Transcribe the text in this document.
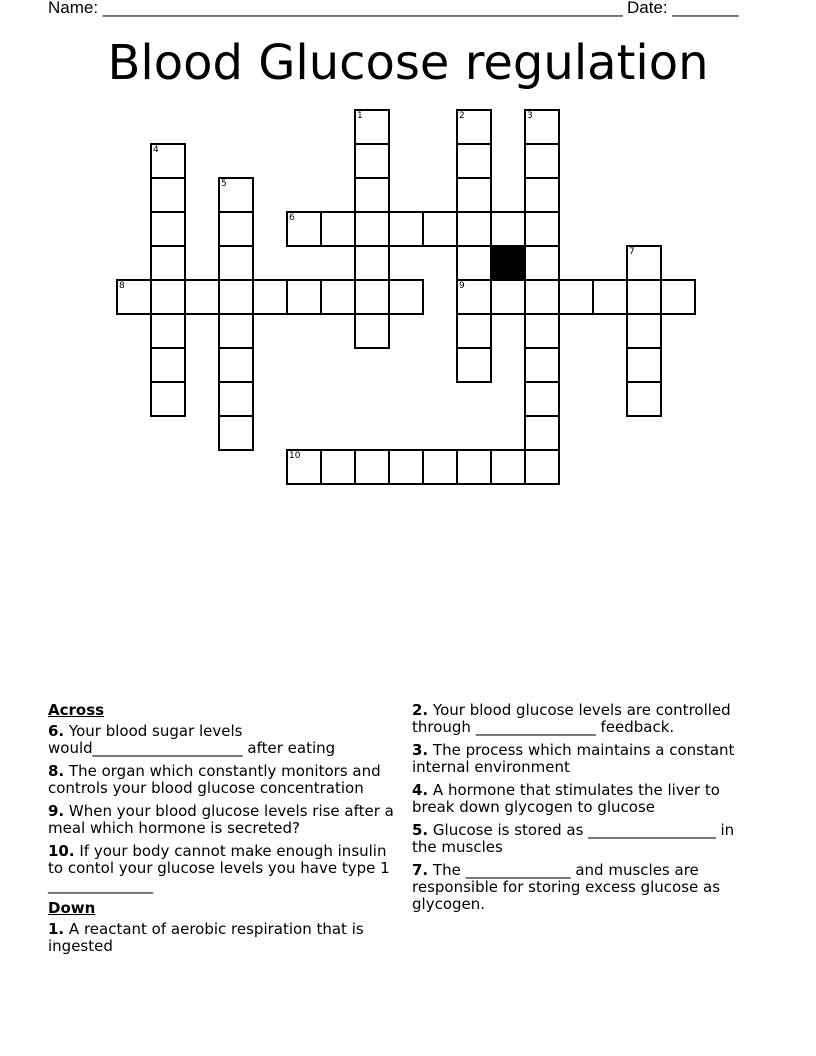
Name: _______________________________________________________ Date: _______
Blood Glucose regulation
1	2
9
3
4
5
6
7
8
10
Across
6. Your blood sugar levels would____________________ after eating
8. The organ which constantly monitors and controls your blood glucose concentration
9. When your blood glucose levels rise after a meal which hormone is secreted?
10. If your body cannot make enough insulin to contol your glucose levels you have type 1 ______________
Down
1. A reactant of aerobic respiration that is ingested
2. Your blood glucose levels are controlled through ________________ feedback.
3. The process which maintains a constant internal environment
4. A hormone that stimulates the liver to break down glycogen to glucose
5. Glucose is stored as _________________ in the muscles
7. The ______________ and muscles are responsible for storing excess glucose as glycogen.
